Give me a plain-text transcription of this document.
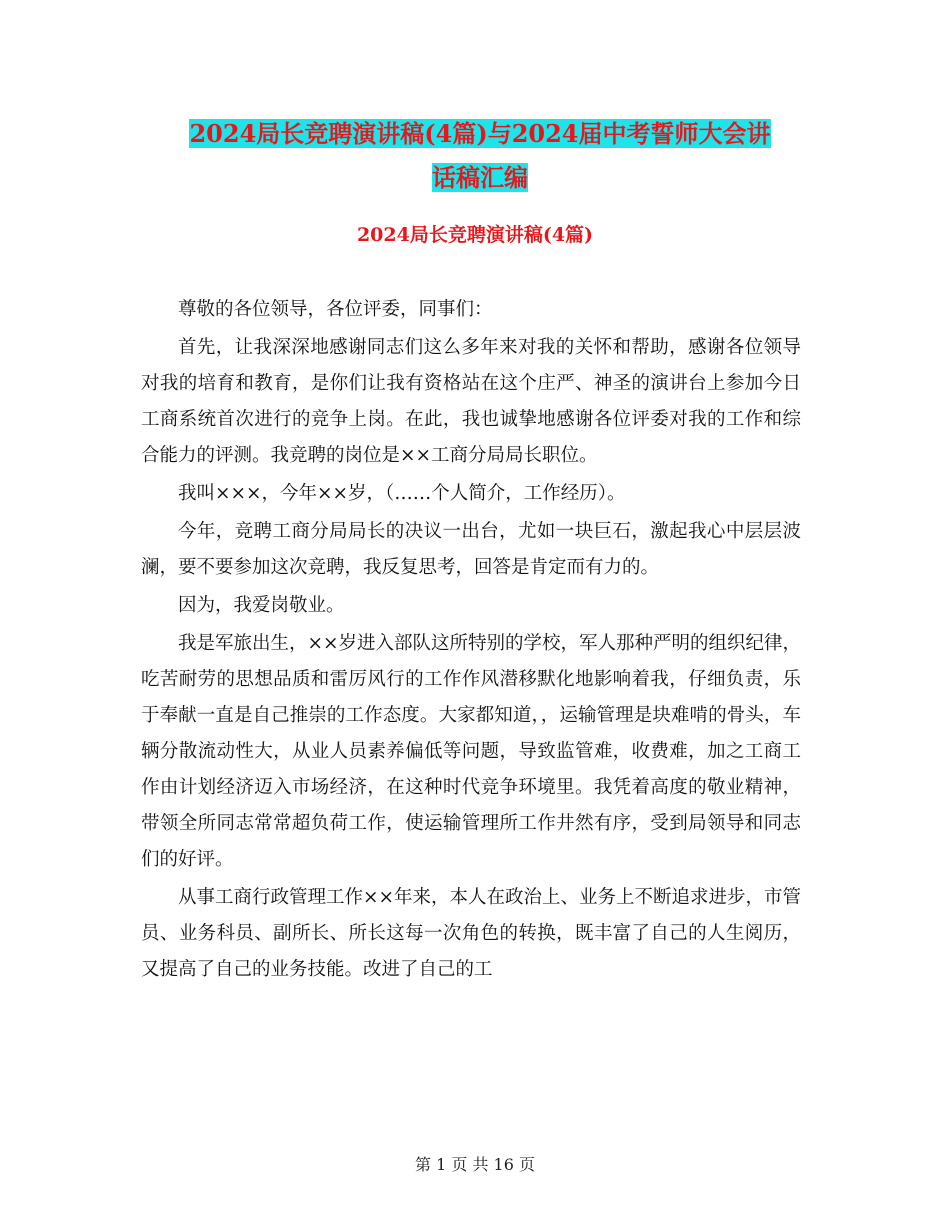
2024局长竞聘演讲稿(4篇)与2024届中考誓师大会讲
话稿汇编
2024局长竞聘演讲稿(4篇)

尊敬的各位领导，各位评委，同事们：

首先，让我深深地感谢同志们这么多年来对我的关怀和帮助，感谢各位领导对我的培育和教育，是你们让我有资格站在这个庄严、神圣的演讲台上参加今日工商系统首次进行的竞争上岗。在此，我也诚挚地感谢各位评委对我的工作和综合能力的评测。我竞聘的岗位是××工商分局局长职位。

我叫×××，今年××岁，（……个人简介，工作经历）。

今年，竞聘工商分局局长的决议一出台，尤如一块巨石，激起我心中层层波澜，要不要参加这次竞聘，我反复思考，回答是肯定而有力的。

因为，我爱岗敬业。

我是军旅出生，××岁进入部队这所特别的学校，军人那种严明的组织纪律，吃苦耐劳的思想品质和雷厉风行的工作作风潜移默化地影响着我，仔细负责，乐于奉献一直是自己推崇的工作态度。大家都知道，，运输管理是块难啃的骨头，车辆分散流动性大，从业人员素养偏低等问题，导致监管难，收费难，加之工商工作由计划经济迈入市场经济，在这种时代竞争环境里。我凭着高度的敬业精神，带领全所同志常常超负荷工作，使运输管理所工作井然有序，受到局领导和同志们的好评。

从事工商行政管理工作××年来，本人在政治上、业务上不断追求进步，市管员、业务科员、副所长、所长这每一次角色的转换，既丰富了自己的人生阅历，又提高了自己的业务技能。改进了自己的工

第 1 页 共 16 页
